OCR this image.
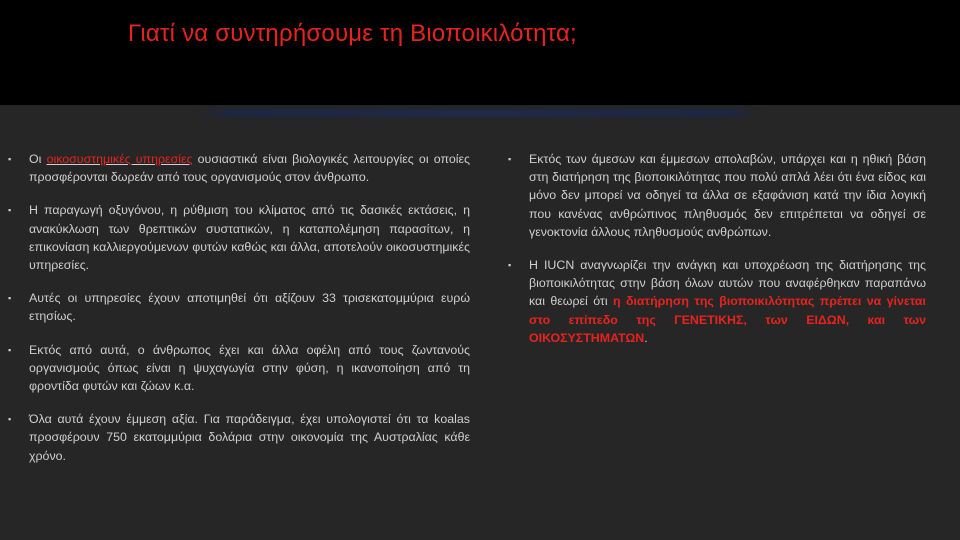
Γιατί να συντηρήσουμε τη Βιοποικιλότητα;
▪ Οι οικοσυστημικές υπηρεσίες ουσιαστικά είναι βιολογικές λειτουργίες οι οποίες προσφέρονται δωρεάν από τους οργανισμούς στον άνθρωπο.
▪ Η παραγωγή οξυγόνου, η ρύθμιση του κλίματος από τις δασικές εκτάσεις, η ανακύκλωση των θρεπτικών συστατικών, η καταπολέμηση παρασίτων, η επικονίαση καλλιεργούμενων φυτών καθώς και άλλα, αποτελούν οικοσυστημικές υπηρεσίες.
▪ Αυτές οι υπηρεσίες έχουν αποτιμηθεί ότι αξίζουν 33 τρισεκατομμύρια ευρώ ετησίως.
▪ Εκτός από αυτά, ο άνθρωπος έχει και άλλα οφέλη από τους ζωντανούς οργανισμούς όπως είναι η ψυχαγωγία στην φύση, η ικανοποίηση από τη φροντίδα φυτών και ζώων κ.α.
▪ Όλα αυτά έχουν έμμεση αξία. Για παράδειγμα, έχει υπολογιστεί ότι τα koalas προσφέρουν 750 εκατομμύρια δολάρια στην οικονομία της Αυστραλίας κάθε χρόνο.
▪ Εκτός των άμεσων και έμμεσων απολαβών, υπάρχει και η ηθική βάση στη διατήρηση της βιοποικιλότητας που πολύ απλά λέει ότι ένα είδος και μόνο δεν μπορεί να οδηγεί τα άλλα σε εξαφάνιση κατά την ίδια λογική που κανένας ανθρώπινος πληθυσμός δεν επιτρέπεται να οδηγεί σε γενοκτονία άλλους πληθυσμούς ανθρώπων.
▪ Η IUCN αναγνωρίζει την ανάγκη και υποχρέωση της διατήρησης της βιοποικιλότητας στην βάση όλων αυτών που αναφέρθηκαν παραπάνω και θεωρεί ότι η διατήρηση της βιοποικιλότητας πρέπει να γίνεται στο επίπεδο της ΓΕΝΕΤΙΚΗΣ, των ΕΙΔΩΝ, και των ΟΙΚΟΣΥΣΤΗΜΑΤΩΝ.
